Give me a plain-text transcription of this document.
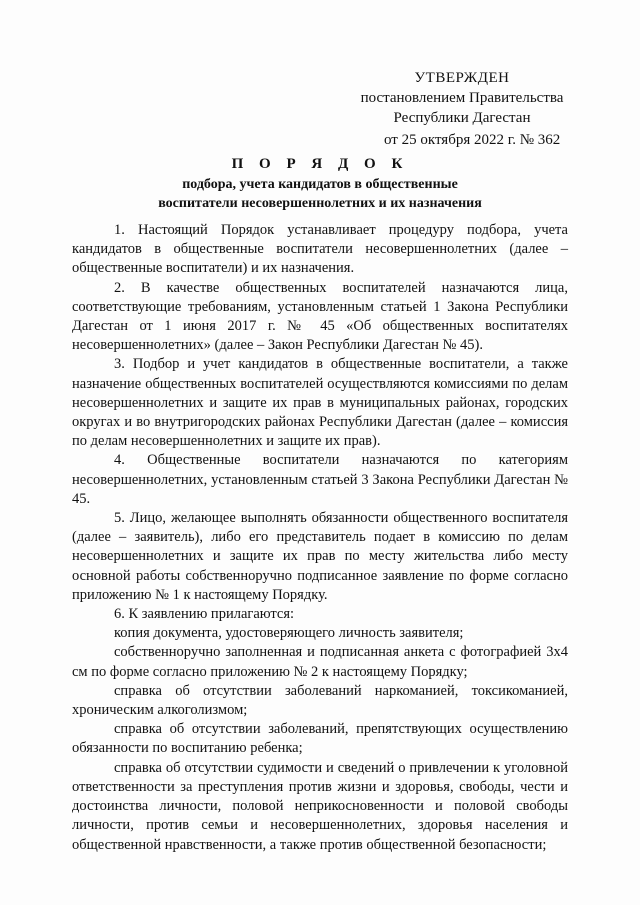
УТВЕРЖДЕН
постановлением Правительства
Республики Дагестан
от 25 октября 2022 г. № 362
П О Р Я Д О К
подбора, учета кандидатов в общественные
воспитатели несовершеннолетних и их назначения

1. Настоящий Порядок устанавливает процедуру подбора, учета кандидатов в общественные воспитатели несовершеннолетних (далее – общественные воспитатели) и их назначения.

2. В качестве общественных воспитателей назначаются лица, соответствующие требованиям, установленным статьей 1 Закона Республики Дагестан от 1 июня 2017 г. № 45 «Об общественных воспитателях несовершеннолетних» (далее – Закон Республики Дагестан № 45).

3. Подбор и учет кандидатов в общественные воспитатели, а также назначение общественных воспитателей осуществляются комиссиями по делам несовершеннолетних и защите их прав в муниципальных районах, городских округах и во внутригородских районах Республики Дагестан (далее – комиссия по делам несовершеннолетних и защите их прав).

4. Общественные воспитатели назначаются по категориям несовершеннолетних, установленным статьей 3 Закона Республики Дагестан № 45.

5. Лицо, желающее выполнять обязанности общественного воспитателя (далее – заявитель), либо его представитель подает в комиссию по делам несовершеннолетних и защите их прав по месту жительства либо месту основной работы собственноручно подписанное заявление по форме согласно приложению № 1 к настоящему Порядку.

6. К заявлению прилагаются:

копия документа, удостоверяющего личность заявителя;

собственноручно заполненная и подписанная анкета с фотографией 3х4 см по форме согласно приложению № 2 к настоящему Порядку;

справка об отсутствии заболеваний наркоманией, токсикоманией, хроническим алкоголизмом;

справка об отсутствии заболеваний, препятствующих осуществлению обязанности по воспитанию ребенка;

справка об отсутствии судимости и сведений о привлечении к уголовной ответственности за преступления против жизни и здоровья, свободы, чести и достоинства личности, половой неприкосновенности и половой свободы личности, против семьи и несовершеннолетних, здоровья населения и общественной нравственности, а также против общественной безопасности;
